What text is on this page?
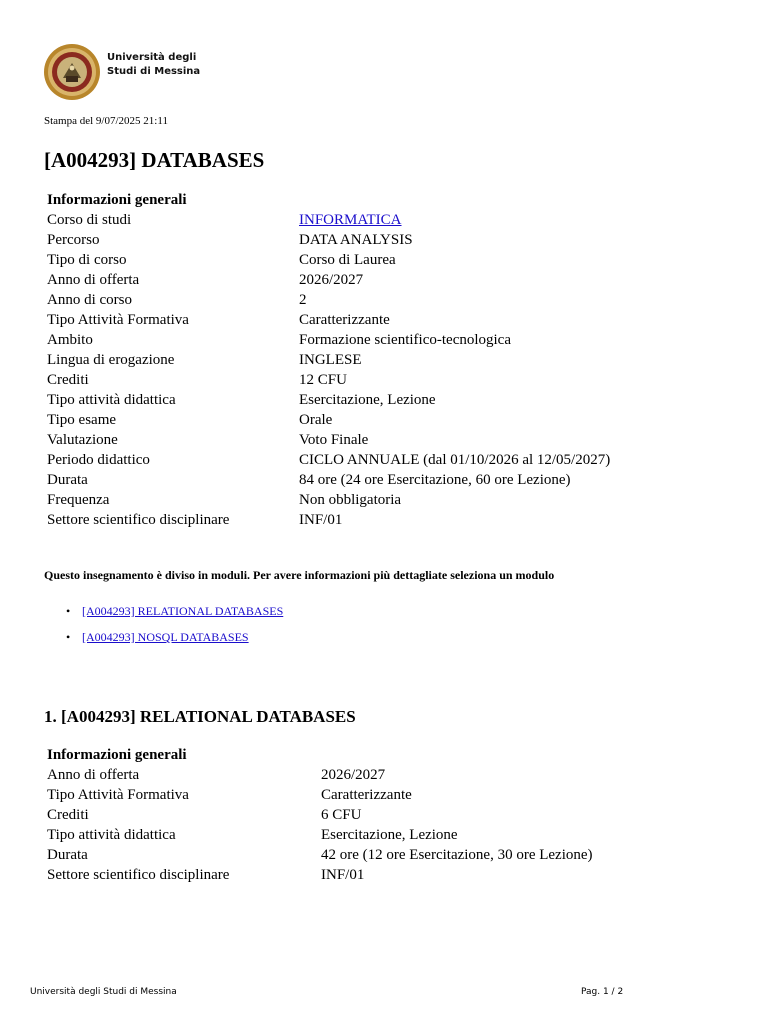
Università degli
Studi di Messina
Stampa del 9/07/2025 21:11
[A004293] DATABASES
Informazioni generali	
Corso di studi	INFORMATICA
Percorso	DATA ANALYSIS
Tipo di corso	Corso di Laurea
Anno di offerta	2026/2027
Anno di corso	2
Tipo Attività Formativa	Caratterizzante
Ambito	Formazione scientifico-tecnologica
Lingua di erogazione	INGLESE
Crediti	12 CFU
Tipo attività didattica	Esercitazione, Lezione
Tipo esame	Orale
Valutazione	Voto Finale
Periodo didattico	CICLO ANNUALE (dal 01/10/2026 al 12/05/2027)
Durata	84 ore (24 ore Esercitazione, 60 ore Lezione)
Frequenza	Non obbligatoria
Settore scientifico disciplinare	INF/01
Questo insegnamento è diviso in moduli. Per avere informazioni più dettagliate seleziona un modulo
• [A004293] RELATIONAL DATABASES
• [A004293] NOSQL DATABASES
1. [A004293] RELATIONAL DATABASES
Informazioni generali	
Anno di offerta	2026/2027
Tipo Attività Formativa	Caratterizzante
Crediti	6 CFU
Tipo attività didattica	Esercitazione, Lezione
Durata	42 ore (12 ore Esercitazione, 30 ore Lezione)
Settore scientifico disciplinare	INF/01
Università degli Studi di Messina	Pag. 1 / 2
